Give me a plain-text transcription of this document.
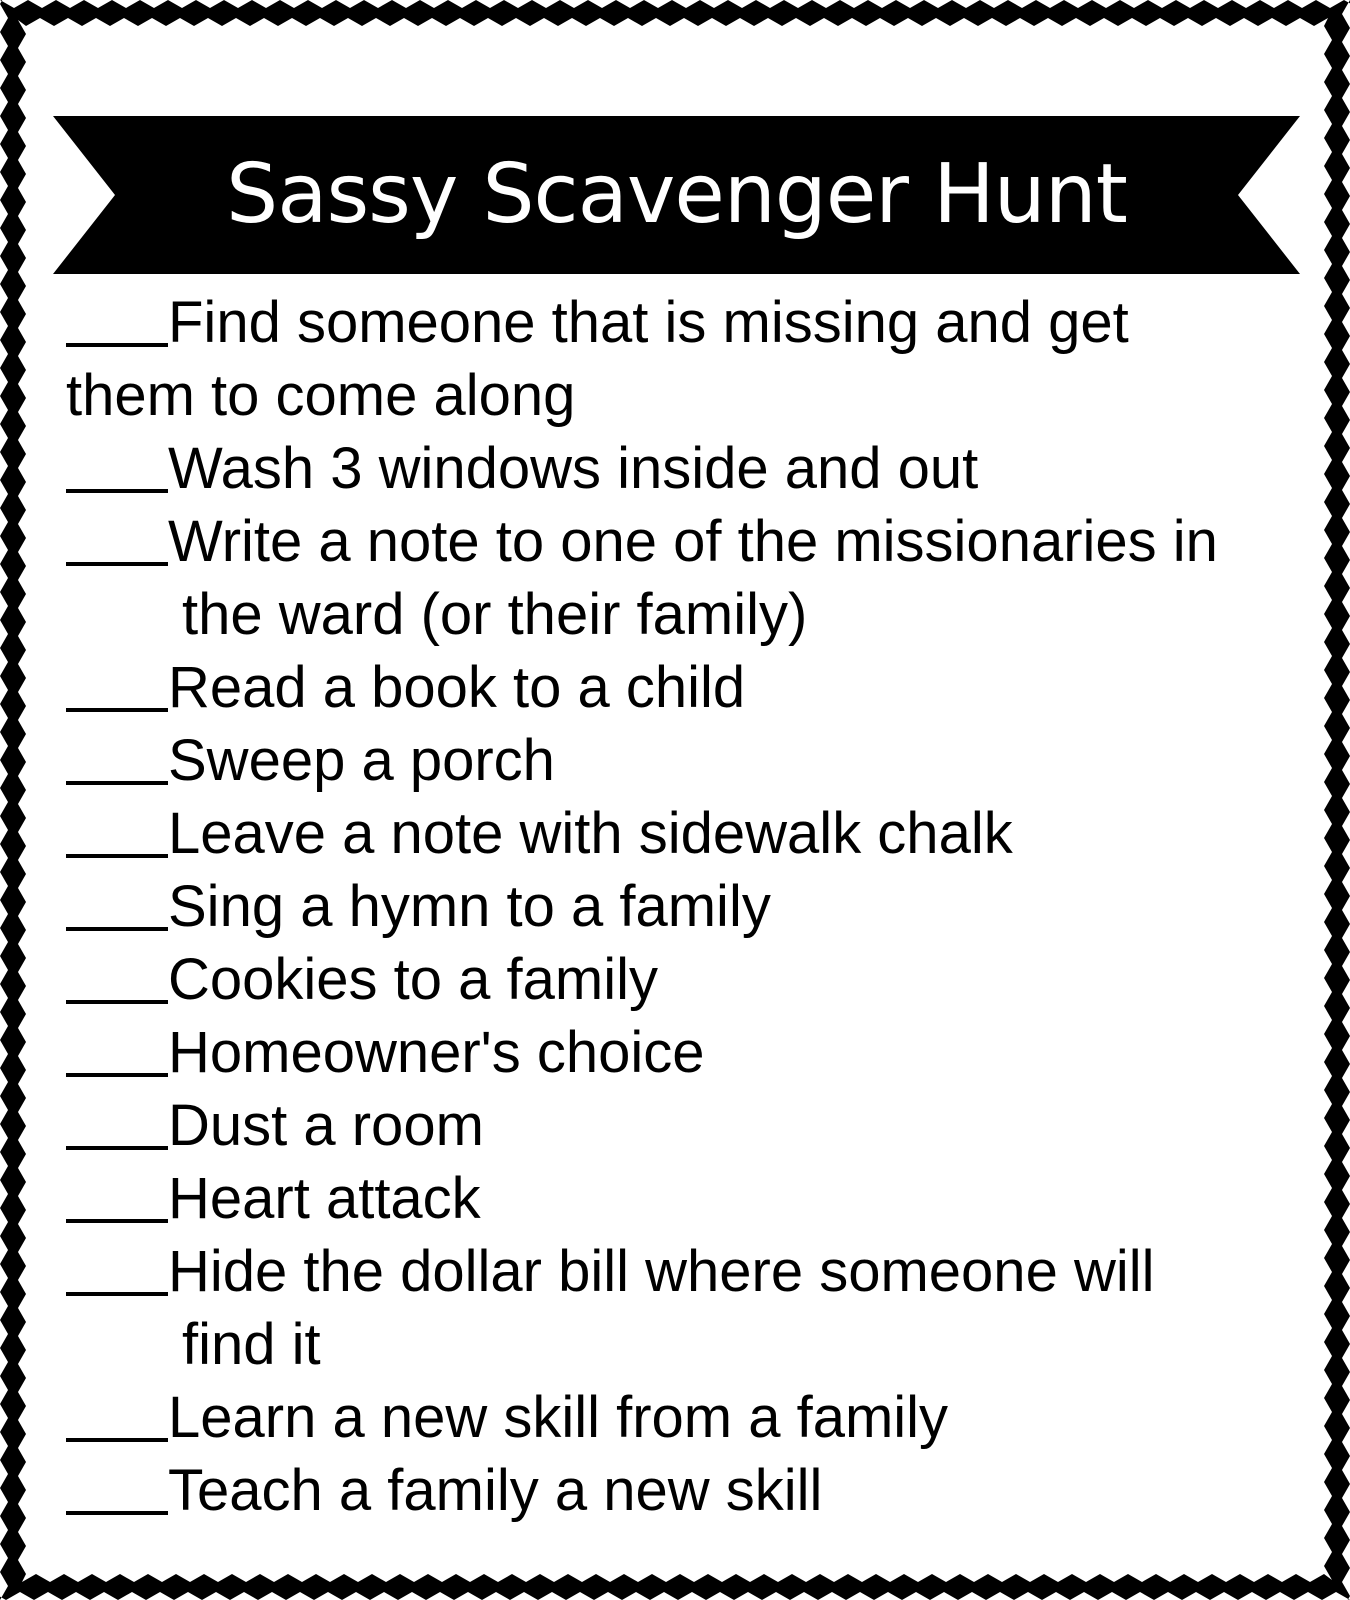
Sassy Scavenger Hunt
Find someone that is missing and get
them to come along
Wash 3 windows inside and out
Write a note to one of the missionaries in
the ward (or their family)
Read a book to a child
Sweep a porch
Leave a note with sidewalk chalk
Sing a hymn to a family
Cookies to a family
Homeowner's choice
Dust a room
Heart attack
Hide the dollar bill where someone will
find it
Learn a new skill from a family
Teach a family a new skill
